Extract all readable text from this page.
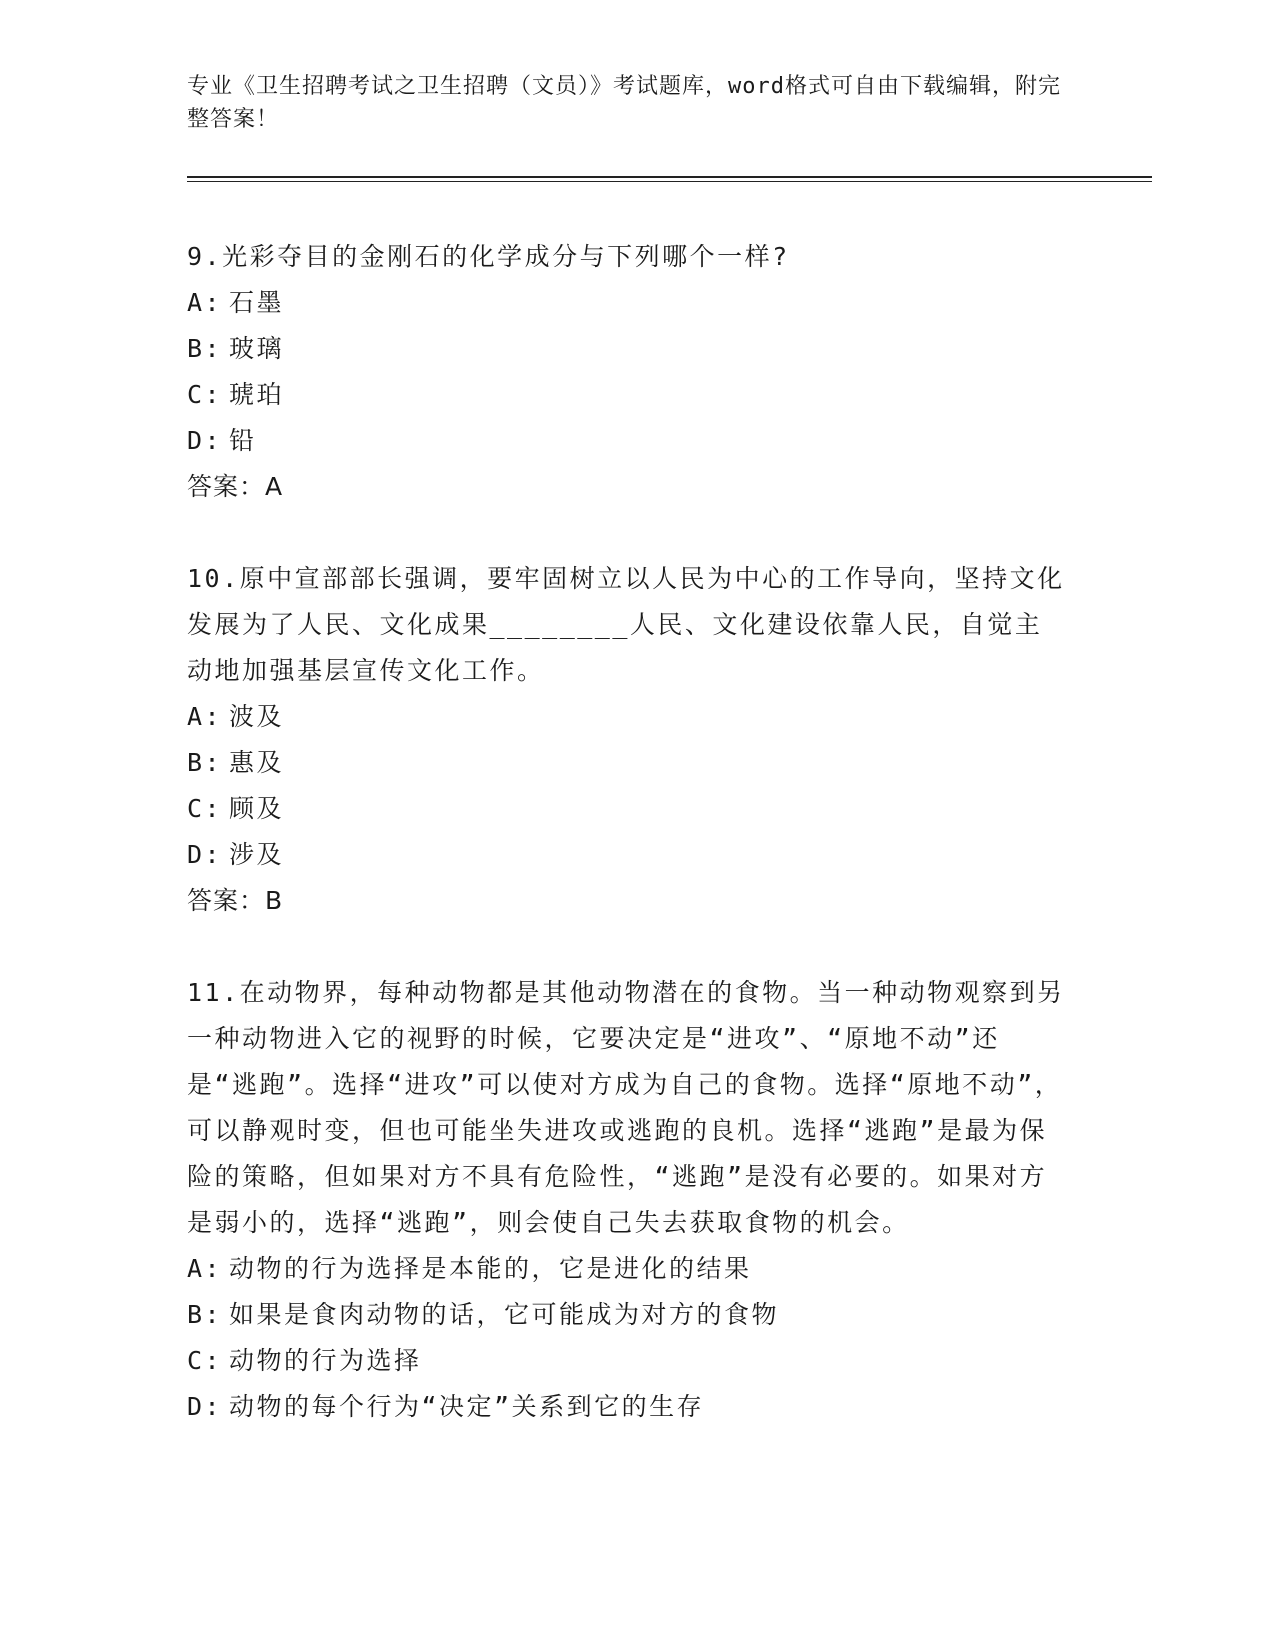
专业《卫生招聘考试之卫生招聘（文员）》考试题库，word格式可自由下载编辑，附完整答案！
9.光彩夺目的金刚石的化学成分与下列哪个一样?
A: 石墨
B: 玻璃
C: 琥珀
D: 铅
答案：A
10.原中宣部部长强调，要牢固树立以人民为中心的工作导向，坚持文化发展为了人民、文化成果________人民、文化建设依靠人民，自觉主动地加强基层宣传文化工作。
A: 波及
B: 惠及
C: 顾及
D: 涉及
答案：B
11.在动物界，每种动物都是其他动物潜在的食物。当一种动物观察到另一种动物进入它的视野的时候，它要决定是“进攻”、“原地不动”还是“逃跑”。选择“进攻”可以使对方成为自己的食物。选择“原地不动”，可以静观时变，但也可能坐失进攻或逃跑的良机。选择“逃跑”是最为保险的策略，但如果对方不具有危险性，“逃跑”是没有必要的。如果对方是弱小的，选择“逃跑”，则会使自己失去获取食物的机会。
A: 动物的行为选择是本能的，它是进化的结果
B: 如果是食肉动物的话，它可能成为对方的食物
C: 动物的行为选择
D: 动物的每个行为“决定”关系到它的生存
